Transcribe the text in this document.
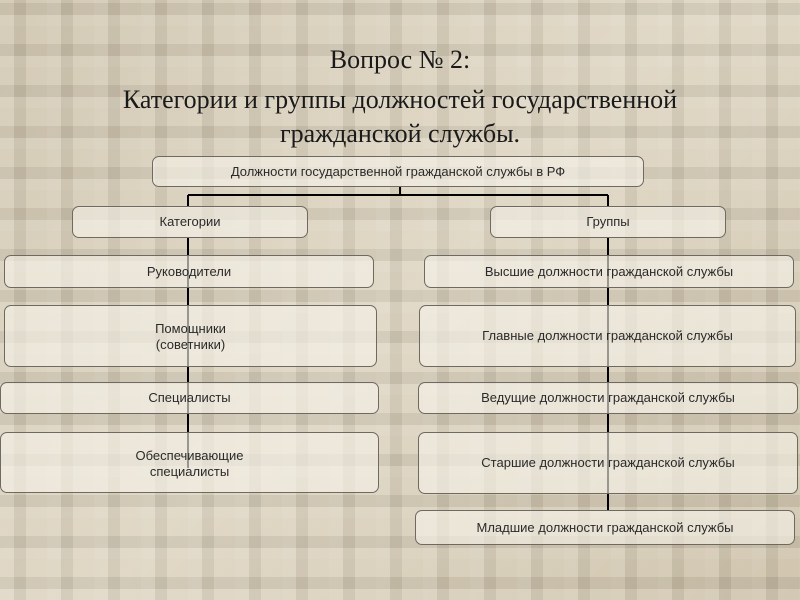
Вопрос № 2:
Категории и группы должностей государственной
гражданской службы.
Должности государственной гражданской службы в РФ
Категории	Группы
Руководители
Помощники
(советники)
Специалисты
Обеспечивающие
специалисты
Высшие должности гражданской службы
Главные должности гражданской службы
Ведущие должности гражданской службы
Старшие должности гражданской службы
Младшие должности гражданской службы
